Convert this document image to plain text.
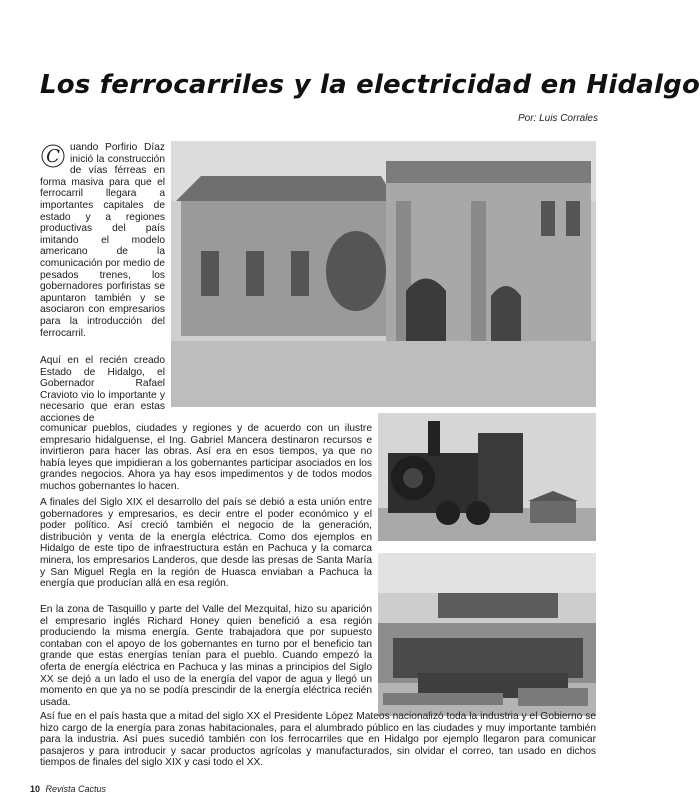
Los ferrocarriles y la electricidad en Hidalgo
Por: Luis Corrales
C uando Porfirio Díaz inició la construcción de vías férreas en forma masiva para que el ferrocarril llegara a importantes capitales de estado y a regiones productivas del país imitando el modelo americano de la comunicación por medio de pesados trenes, los gobernadores porfiristas se apuntaron también y se asociaron con empresarios para la introducción del ferrocarril.
Aquí en el recién creado Estado de Hidalgo, el Gobernador Rafael Cravioto vio lo importante y necesario que eran estas acciones de
comunicar pueblos, ciudades y regiones y de acuerdo con un ilustre empresario hidalguense, el Ing. Gabriel Mancera destinaron recursos e invirtieron para hacer las obras. Así era en esos tiempos, ya que no había leyes que impidieran a los gobernantes participar asociados en los grandes negocios. Ahora ya hay esos impedimentos y de todos modos muchos gobernantes lo hacen.
A finales del Siglo XIX el desarrollo del país se debió a esta unión entre gobernadores y empresarios, es decir entre el poder económico y el poder político. Así creció también el negocio de la generación, distribución y venta de la energía eléctrica. Como dos ejemplos en Hidalgo de este tipo de infraestructura están en Pachuca y la comarca minera, los empresarios Landeros, que desde las presas de Santa María y San Miguel Regla en la región de Huasca enviaban a Pachuca la energía que producían allá en esa región.
En la zona de Tasquillo y parte del Valle del Mezquital, hizo su aparición el empresario inglés Richard Honey quien benefició a esa región produciendo la misma energía. Gente trabajadora que por supuesto contaban con el apoyo de los gobernantes en turno por el beneficio tan grande que estas energías tenían para el pueblo. Cuando empezó la oferta de energía eléctrica en Pachuca y las minas a principios del Siglo XX se dejó a un lado el uso de la energía del vapor de agua y llegó un momento en que ya no se podía prescindir de la energía eléctrica recién usada.
Así fue en el país hasta que a mitad del siglo XX el Presidente López Mateos nacionalizó toda la industria y el Gobierno se hizo cargo de la energía para zonas habitacionales, para el alumbrado público en las ciudades y muy importante también para la industria. Así pues sucedió también con los ferrocarriles que en Hidalgo por ejemplo llegaron para comunicar pasajeros y para introducir y sacar productos agrícolas y manufacturados, sin olvidar el correo, tan usado en dichos tiempos de finales del siglo XIX y casi todo el XX.
10 Revista Cactus
